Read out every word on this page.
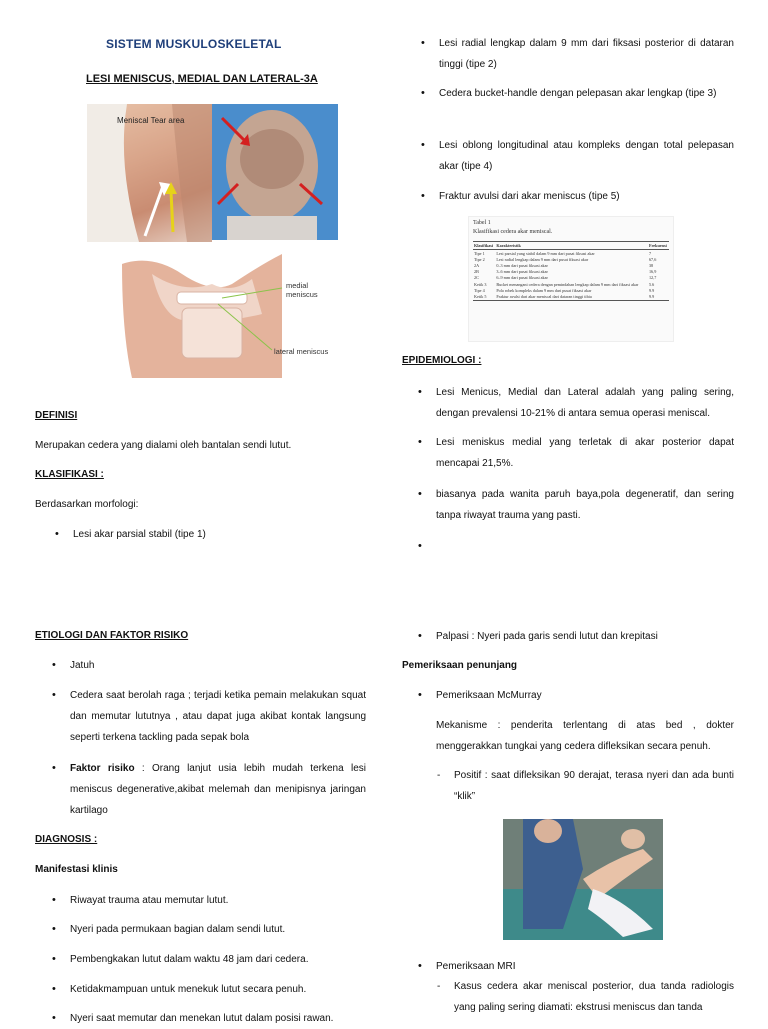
SISTEM MUSKULOSKELETAL
LESI MENISCUS, MEDIAL DAN LATERAL-3A
Meniscal Tear area
medial meniscus
lateral meniscus
DEFINISI
Merupakan cedera yang dialami oleh bantalan sendi lutut.
KLASIFIKASI :
Berdasarkan morfologi:
• Lesi akar parsial stabil (tipe 1)
• Lesi radial lengkap dalam 9 mm dari fiksasi posterior di dataran tinggi (tipe 2)
• Cedera bucket-handle dengan pelepasan akar lengkap (tipe 3)
• Lesi oblong longitudinal atau kompleks dengan total pelepasan akar (tipe 4)
• Fraktur avulsi dari akar meniscus (tipe 5)
Tabel 1
Klasifikasi cedera akar meniscal.
Klasifikasi	Karakteristik	Frekuensi
Tipe 1	Lesi parsial yang stabil dalam 9 mm dari pusat fiksasi akar	7
Tipe 2	Lesi radial lengkap dalam 9 mm dari pusat fiksasi akar	67,6
2A	0–3 mm dari pusat fiksasi akar	38
2B	3–6 mm dari pusat fiksasi akar	16,9
2C	6–9 mm dari pusat fiksasi akar	12,7
Ketik 3	Bucket menangani cedera dengan pemindahan lengkap dalam 9 mm dari fiksasi akar	5.6
Tipe 4	Pola robek kompleks dalam 9 mm dari pusat fiksasi akar	9.9
Ketik 5	Fraktur avulsi dari akar meniscal dari dataran tinggi tibia	9.9
EPIDEMIOLOGI :
• Lesi Menicus, Medial dan Lateral adalah yang paling sering, dengan prevalensi 10-21% di antara semua operasi meniscal.
• Lesi meniskus medial yang terletak di akar posterior dapat mencapai 21,5%.
• biasanya pada wanita paruh baya,pola degeneratif, dan sering tanpa riwayat trauma yang pasti.
•
ETIOLOGI DAN FAKTOR RISIKO
• Jatuh
• Cedera saat berolah raga ; terjadi ketika pemain melakukan squat dan memutar lututnya , atau dapat juga akibat kontak langsung seperti terkena tackling pada sepak bola
• Faktor risiko : Orang lanjut usia lebih mudah terkena lesi meniscus degenerative,akibat melemah dan menipisnya jaringan kartilago
DIAGNOSIS :
Manifestasi klinis
• Riwayat trauma atau memutar lutut.
• Nyeri pada permukaan bagian dalam sendi lutut.
• Pembengkakan lutut dalam waktu 48 jam dari cedera.
• Ketidakmampuan untuk menekuk lutut secara penuh.
• Nyeri saat memutar dan menekan lutut dalam posisi rawan.
• Palpasi : Nyeri pada garis sendi lutut dan krepitasi
Pemeriksaan penunjang
• Pemeriksaan McMurray
Mekanisme : penderita terlentang di atas bed , dokter menggerakkan tungkai yang cedera difleksikan secara penuh.
- Positif : saat difleksikan 90 derajat, terasa nyeri dan ada bunti “klik”
• Pemeriksaan MRI
- Kasus cedera akar meniscal posterior, dua tanda radiologis yang paling sering diamati: ekstrusi meniscus dan tanda
